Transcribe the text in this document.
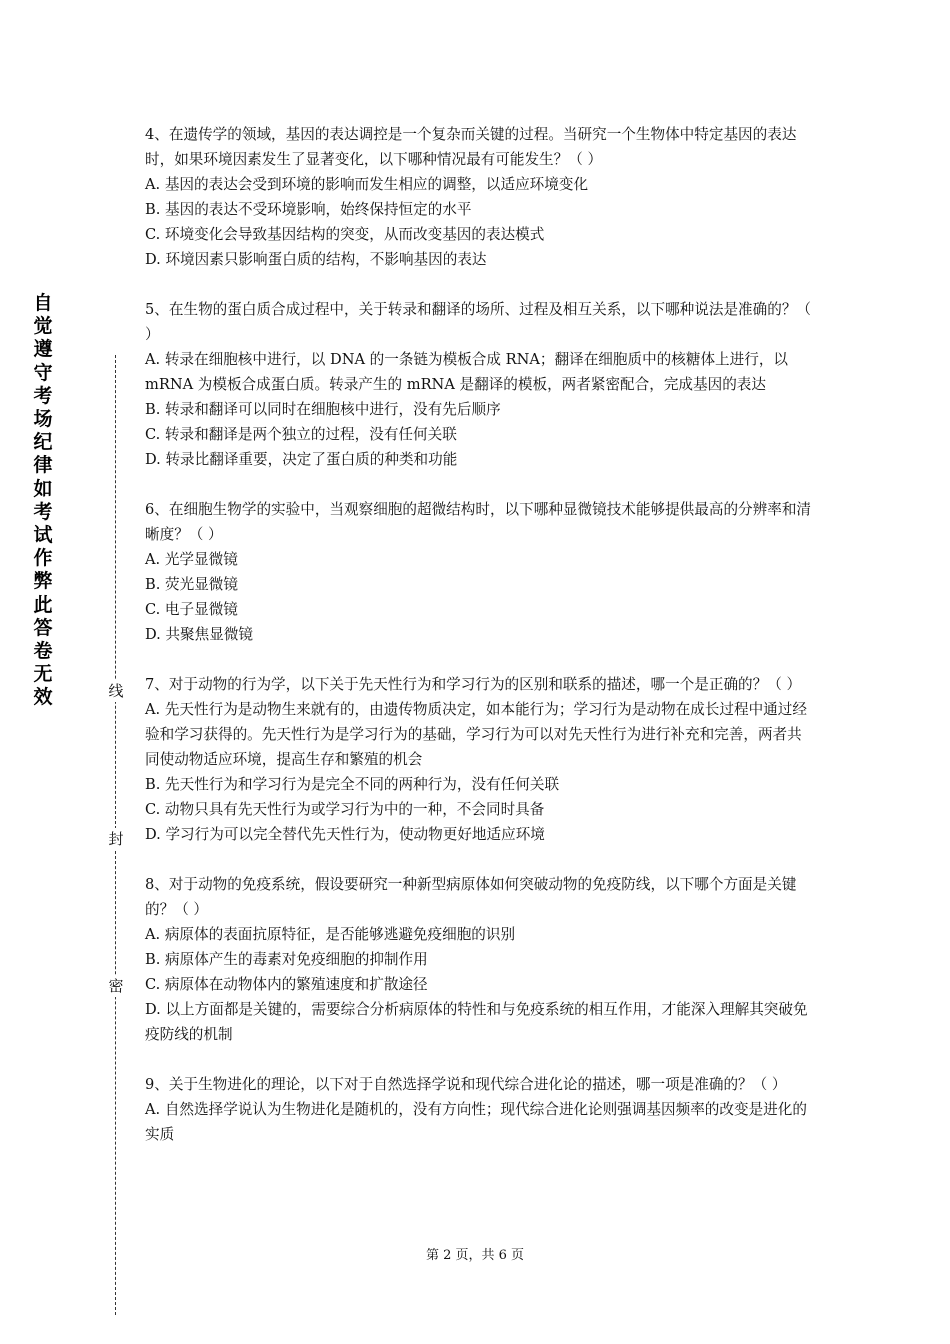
自觉遵守考场纪律如考试作弊此答卷无效	线
封
密

4、在遗传学的领域，基因的表达调控是一个复杂而关键的过程。当研究一个生物体中特定基因的表达时，如果环境因素发生了显著变化，以下哪种情况最有可能发生？（ ）

A. 基因的表达会受到环境的影响而发生相应的调整，以适应环境变化

B. 基因的表达不受环境影响，始终保持恒定的水平

C. 环境变化会导致基因结构的突变，从而改变基因的表达模式

D. 环境因素只影响蛋白质的结构，不影响基因的表达

5、在生物的蛋白质合成过程中，关于转录和翻译的场所、过程及相互关系，以下哪种说法是准确的？（ ）

A. 转录在细胞核中进行，以 DNA 的一条链为模板合成 RNA；翻译在细胞质中的核糖体上进行，以 mRNA 为模板合成蛋白质。转录产生的 mRNA 是翻译的模板，两者紧密配合，完成基因的表达

B. 转录和翻译可以同时在细胞核中进行，没有先后顺序

C. 转录和翻译是两个独立的过程，没有任何关联

D. 转录比翻译重要，决定了蛋白质的种类和功能

6、在细胞生物学的实验中，当观察细胞的超微结构时，以下哪种显微镜技术能够提供最高的分辨率和清晰度？（ ）

A. 光学显微镜

B. 荧光显微镜

C. 电子显微镜

D. 共聚焦显微镜

7、对于动物的行为学，以下关于先天性行为和学习行为的区别和联系的描述，哪一个是正确的？（ ）

A. 先天性行为是动物生来就有的，由遗传物质决定，如本能行为；学习行为是动物在成长过程中通过经验和学习获得的。先天性行为是学习行为的基础，学习行为可以对先天性行为进行补充和完善，两者共同使动物适应环境，提高生存和繁殖的机会

B. 先天性行为和学习行为是完全不同的两种行为，没有任何关联

C. 动物只具有先天性行为或学习行为中的一种，不会同时具备

D. 学习行为可以完全替代先天性行为，使动物更好地适应环境

8、对于动物的免疫系统，假设要研究一种新型病原体如何突破动物的免疫防线，以下哪个方面是关键的？（ ）

A. 病原体的表面抗原特征，是否能够逃避免疫细胞的识别

B. 病原体产生的毒素对免疫细胞的抑制作用

C. 病原体在动物体内的繁殖速度和扩散途径

D. 以上方面都是关键的，需要综合分析病原体的特性和与免疫系统的相互作用，才能深入理解其突破免疫防线的机制

9、关于生物进化的理论，以下对于自然选择学说和现代综合进化论的描述，哪一项是准确的？（ ）

A. 自然选择学说认为生物进化是随机的，没有方向性；现代综合进化论则强调基因频率的改变是进化的实质

第 2 页，共 6 页
